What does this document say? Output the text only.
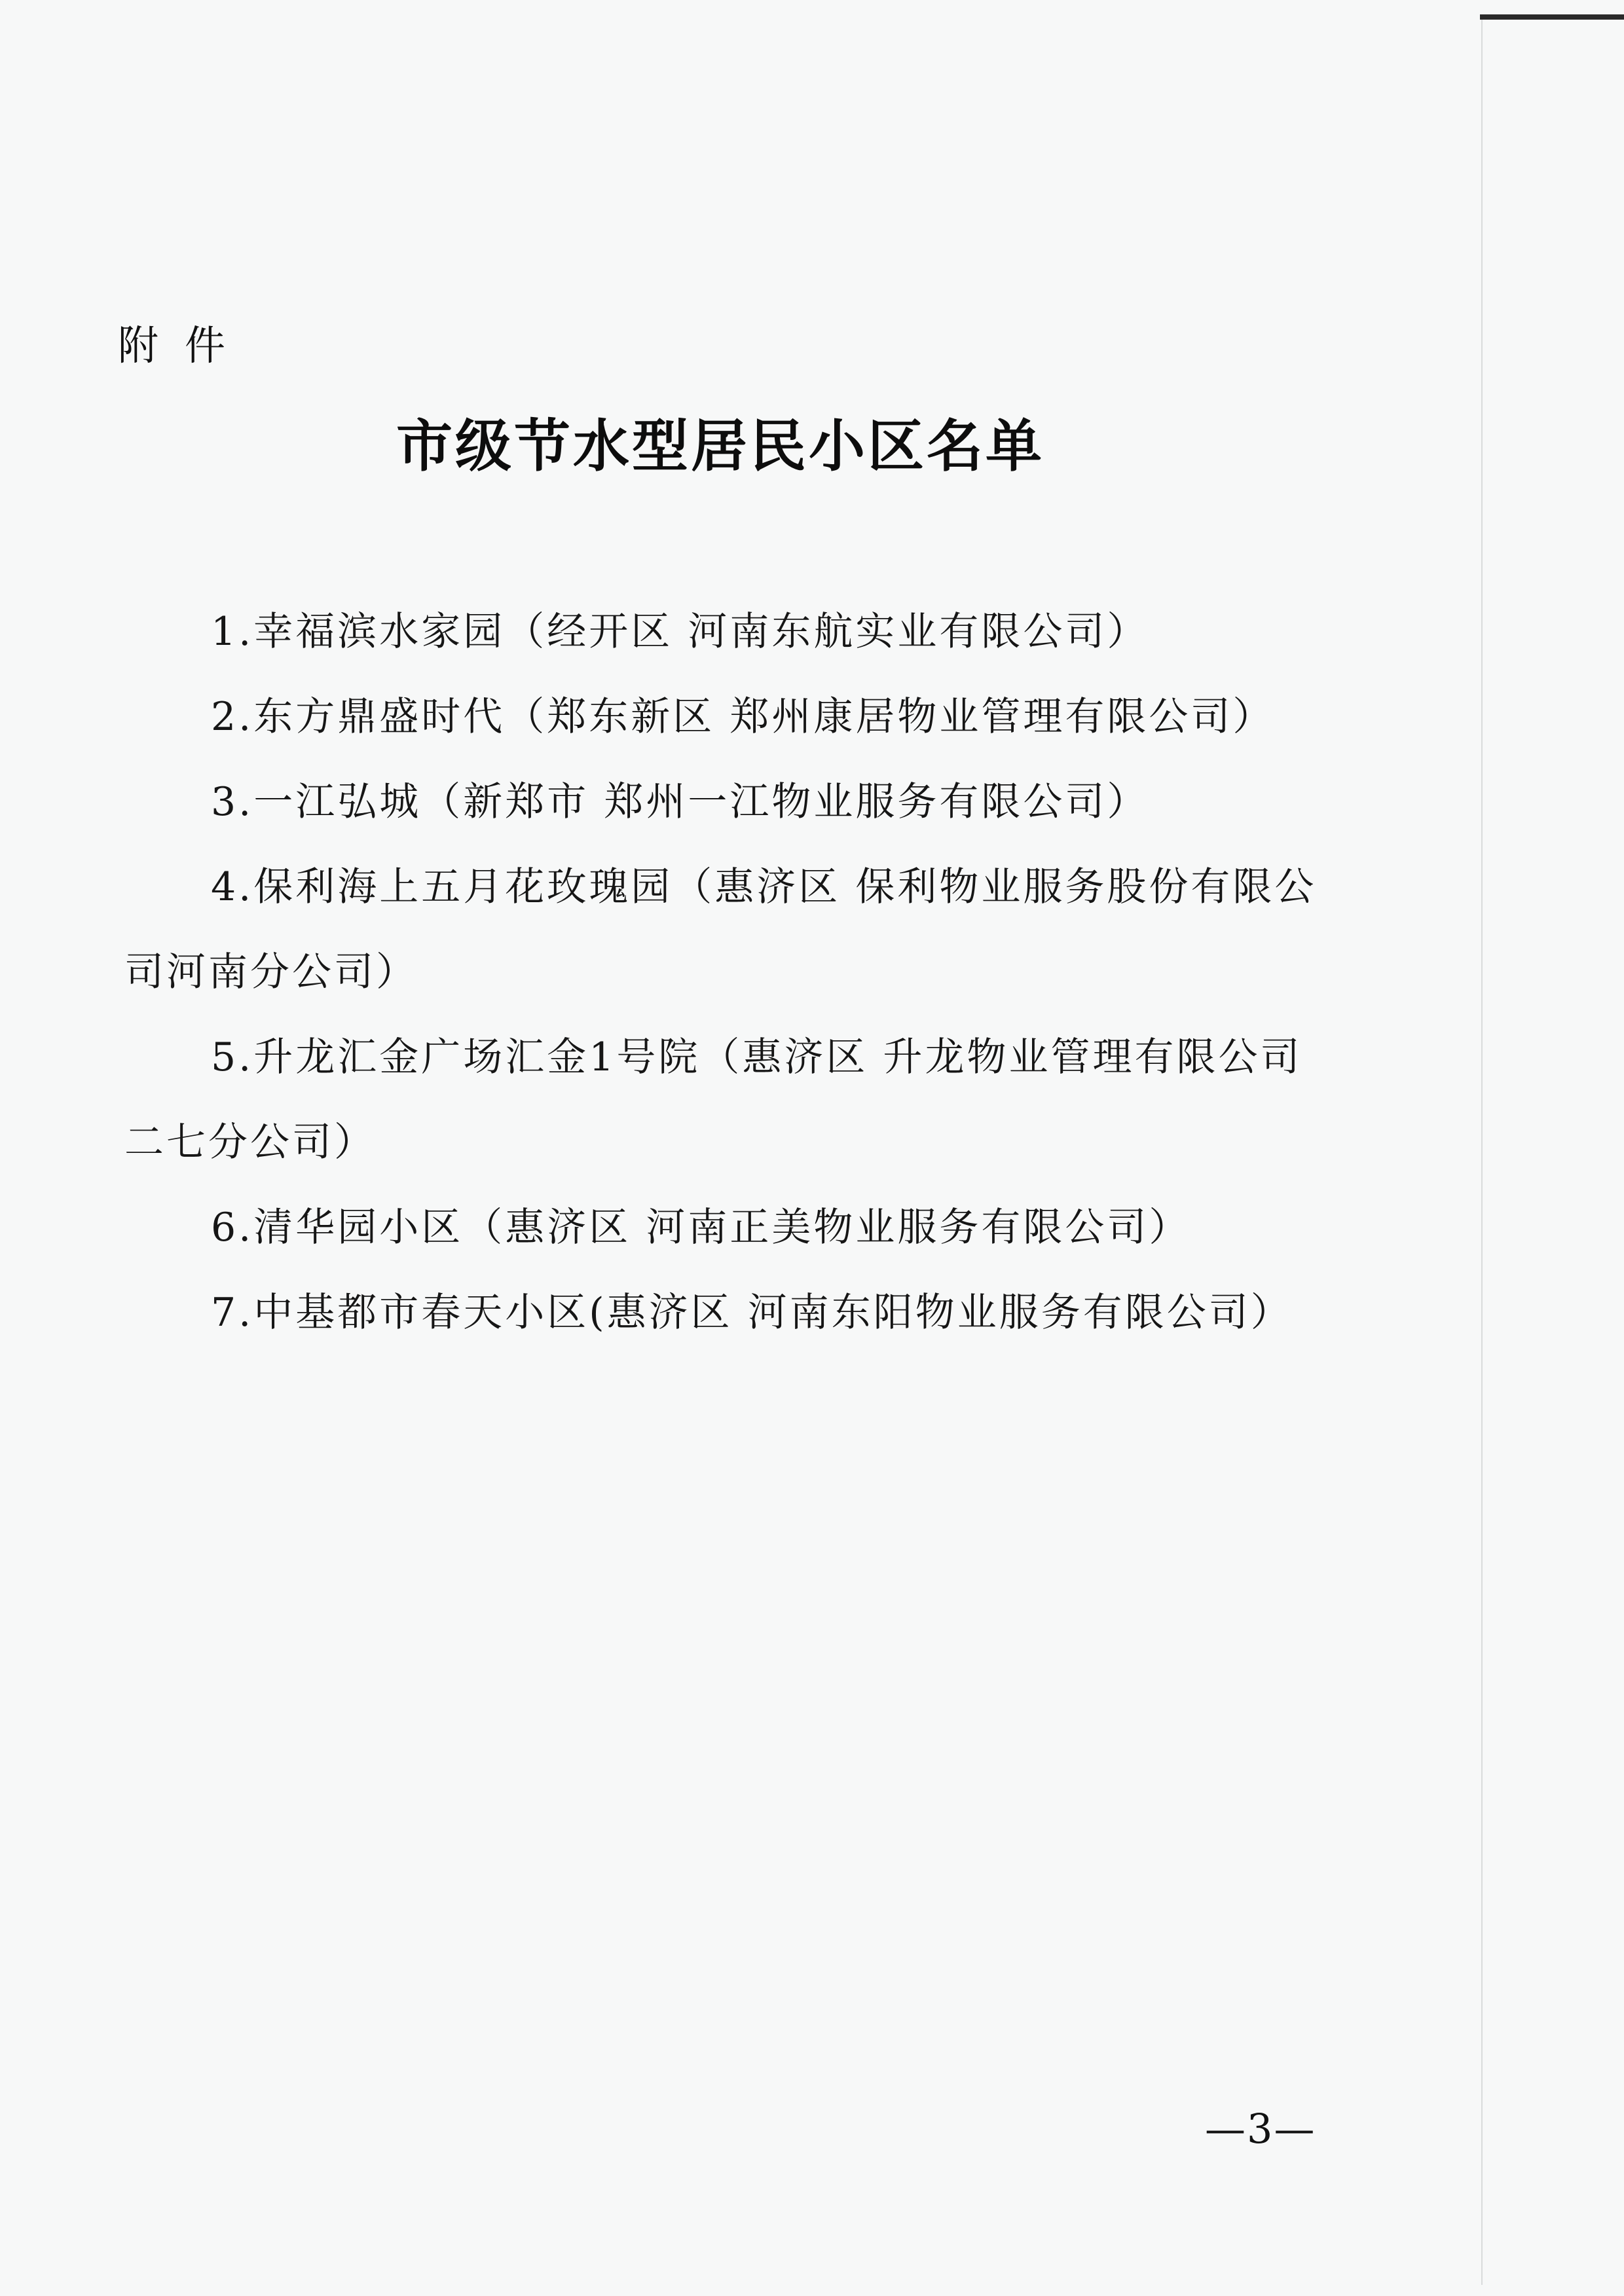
附件
市级节水型居民小区名单

1.幸福滨水家园（经开区 河南东航实业有限公司）

2.东方鼎盛时代（郑东新区 郑州康居物业管理有限公司）

3.一江弘城（新郑市 郑州一江物业服务有限公司）

4.保利海上五月花玫瑰园（惠济区 保利物业服务股份有限公司河南分公司）

5.升龙汇金广场汇金1号院（惠济区 升龙物业管理有限公司二七分公司）

6.清华园小区（惠济区 河南正美物业服务有限公司）

7.中基都市春天小区(惠济区 河南东阳物业服务有限公司）

—3—
